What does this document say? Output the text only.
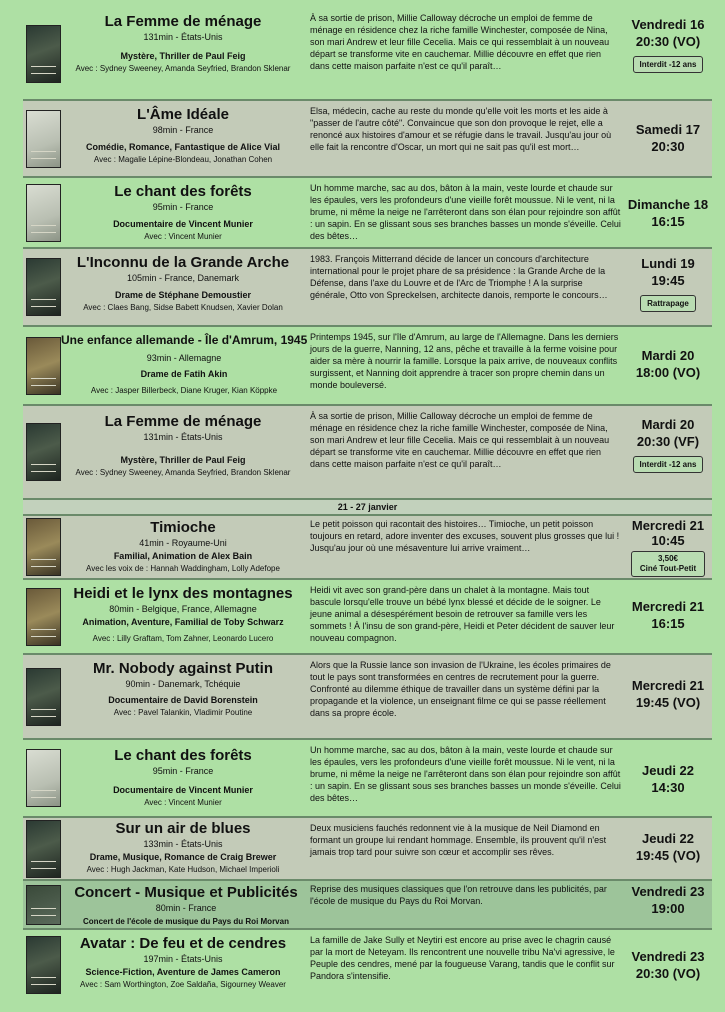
La Femme de ménage
131min - États-Unis
Mystère, Thriller de Paul Feig
Avec : Sydney Sweeney, Amanda Seyfried, Brandon Sklenar
À sa sortie de prison, Millie Calloway décroche un emploi de femme de ménage en résidence chez la riche famille Winchester, composée de Nina, son mari Andrew et leur fille Cecelia. Mais ce qui ressemblait à un nouveau départ se transforme vite en cauchemar. Millie découvre en effet que rien dans cette maison parfaite n'est ce qu'il paraît…
Vendredi 16
20:30 (VO)
Interdit -12 ans
L'Âme Idéale
98min - France
Comédie, Romance, Fantastique de Alice Vial
Avec : Magalie Lépine-Blondeau, Jonathan Cohen
Elsa, médecin, cache au reste du monde qu'elle voit les morts et les aide à "passer de l'autre côté". Convaincue que son don provoque le rejet, elle a renoncé aux histoires d'amour et se réfugie dans le travail. Jusqu'au jour où elle fait la rencontre d'Oscar, un mort qui ne sait pas qu'il est mort…
Samedi 17
20:30
Le chant des forêts
95min - France
Documentaire de Vincent Munier
Avec : Vincent Munier
Un homme marche, sac au dos, bâton à la main, veste lourde et chaude sur les épaules, vers les profondeurs d'une vieille forêt moussue. Ni le vent, ni la brume, ni même la neige ne l'arrêteront dans son élan pour rejoindre son affût : un sapin. En se glissant sous ses branches basses un monde s'éveille. Celui des bêtes…
Dimanche 18
16:15
L'Inconnu de la Grande Arche
105min - France, Danemark
Drame de Stéphane Demoustier
Avec : Claes Bang, Sidse Babett Knudsen, Xavier Dolan
1983. François Mitterrand décide de lancer un concours d'architecture international pour le projet phare de sa présidence : la Grande Arche de la Défense, dans l'axe du Louvre et de l'Arc de Triomphe ! A la surprise générale, Otto von Spreckelsen, architecte danois, remporte le concours…
Lundi 19
19:45
Rattrapage
Une enfance allemande - Île d'Amrum, 1945
93min - Allemagne
Drame de Fatih Akin
Avec : Jasper Billerbeck, Diane Kruger, Kian Köppke
Printemps 1945, sur l'île d'Amrum, au large de l'Allemagne. Dans les derniers jours de la guerre, Nanning, 12 ans, pêche et travaille à la ferme voisine pour aider sa mère à nourrir la famille. Lorsque la paix arrive, de nouveaux conflits surgissent, et Nanning doit apprendre à tracer son propre chemin dans un monde bouleversé.
Mardi 20
18:00 (VO)
La Femme de ménage
131min - États-Unis
Mystère, Thriller de Paul Feig
Avec : Sydney Sweeney, Amanda Seyfried, Brandon Sklenar
À sa sortie de prison, Millie Calloway décroche un emploi de femme de ménage en résidence chez la riche famille Winchester, composée de Nina, son mari Andrew et leur fille Cecelia. Mais ce qui ressemblait à un nouveau départ se transforme vite en cauchemar. Millie découvre en effet que rien dans cette maison parfaite n'est ce qu'il paraît…
Mardi 20
20:30 (VF)
Interdit -12 ans
21 - 27 janvier
Timioche
41min - Royaume-Uni
Familial, Animation de Alex Bain
Avec les voix de : Hannah Waddingham, Lolly Adefope
Le petit poisson qui racontait des histoires… Timioche, un petit poisson toujours en retard, adore inventer des excuses, souvent plus grosses que lui ! Jusqu'au jour où une mésaventure lui arrive vraiment…
Mercredi 21
10:45
3,50€
Ciné Tout-Petit
Heidi et le lynx des montagnes
80min - Belgique, France, Allemagne
Animation, Aventure, Familial de Toby Schwarz
Avec : Lilly Graftam, Tom Zahner, Leonardo Lucero
Heidi vit avec son grand-père dans un chalet à la montagne. Mais tout bascule lorsqu'elle trouve un bébé lynx blessé et décide de le soigner. Le jeune animal a désespérément besoin de retrouver sa famille vers les sommets ! À l'insu de son grand-père, Heidi et Peter décident de sauver leur nouveau compagnon.
Mercredi 21
16:15
Mr. Nobody against Putin
90min - Danemark, Tchéquie
Documentaire de David Borenstein
Avec : Pavel Talankin, Vladimir Poutine
Alors que la Russie lance son invasion de l'Ukraine, les écoles primaires de tout le pays sont transformées en centres de recrutement pour la guerre. Confronté au dilemme éthique de travailler dans un système défini par la propagande et la violence, un enseignant filme ce qui se passe réellement dans sa propre école.
Mercredi 21
19:45 (VO)
Le chant des forêts
95min - France
Documentaire de Vincent Munier
Avec : Vincent Munier
Un homme marche, sac au dos, bâton à la main, veste lourde et chaude sur les épaules, vers les profondeurs d'une vieille forêt moussue. Ni le vent, ni la brume, ni même la neige ne l'arrêteront dans son élan pour rejoindre son affût : un sapin. En se glissant sous ses branches basses un monde s'éveille. Celui des bêtes…
Jeudi 22
14:30
Sur un air de blues
133min - États-Unis
Drame, Musique, Romance de Craig Brewer
Avec : Hugh Jackman, Kate Hudson, Michael Imperioli
Deux musiciens fauchés redonnent vie à la musique de Neil Diamond en formant un groupe lui rendant hommage. Ensemble, ils prouvent qu'il n'est jamais trop tard pour suivre son cœur et accomplir ses rêves.
Jeudi 22
19:45 (VO)
Concert - Musique et Publicités
80min - France
Concert de l'école de musique du Pays du Roi Morvan
Reprise des musiques classiques que l'on retrouve dans les publicités, par l'école de musique du Pays du Roi Morvan.
Vendredi 23
19:00
Avatar : De feu et de cendres
197min - États-Unis
Science-Fiction, Aventure de James Cameron
Avec : Sam Worthington, Zoe Saldaña, Sigourney Weaver
La famille de Jake Sully et Neytiri est encore au prise avec le chagrin causé par la mort de Neteyam. Ils rencontrent une nouvelle tribu Na'vi agressive, le Peuple des cendres, mené par la fougueuse Varang, tandis que le conflit sur Pandora s'intensifie.
Vendredi 23
20:30 (VO)
